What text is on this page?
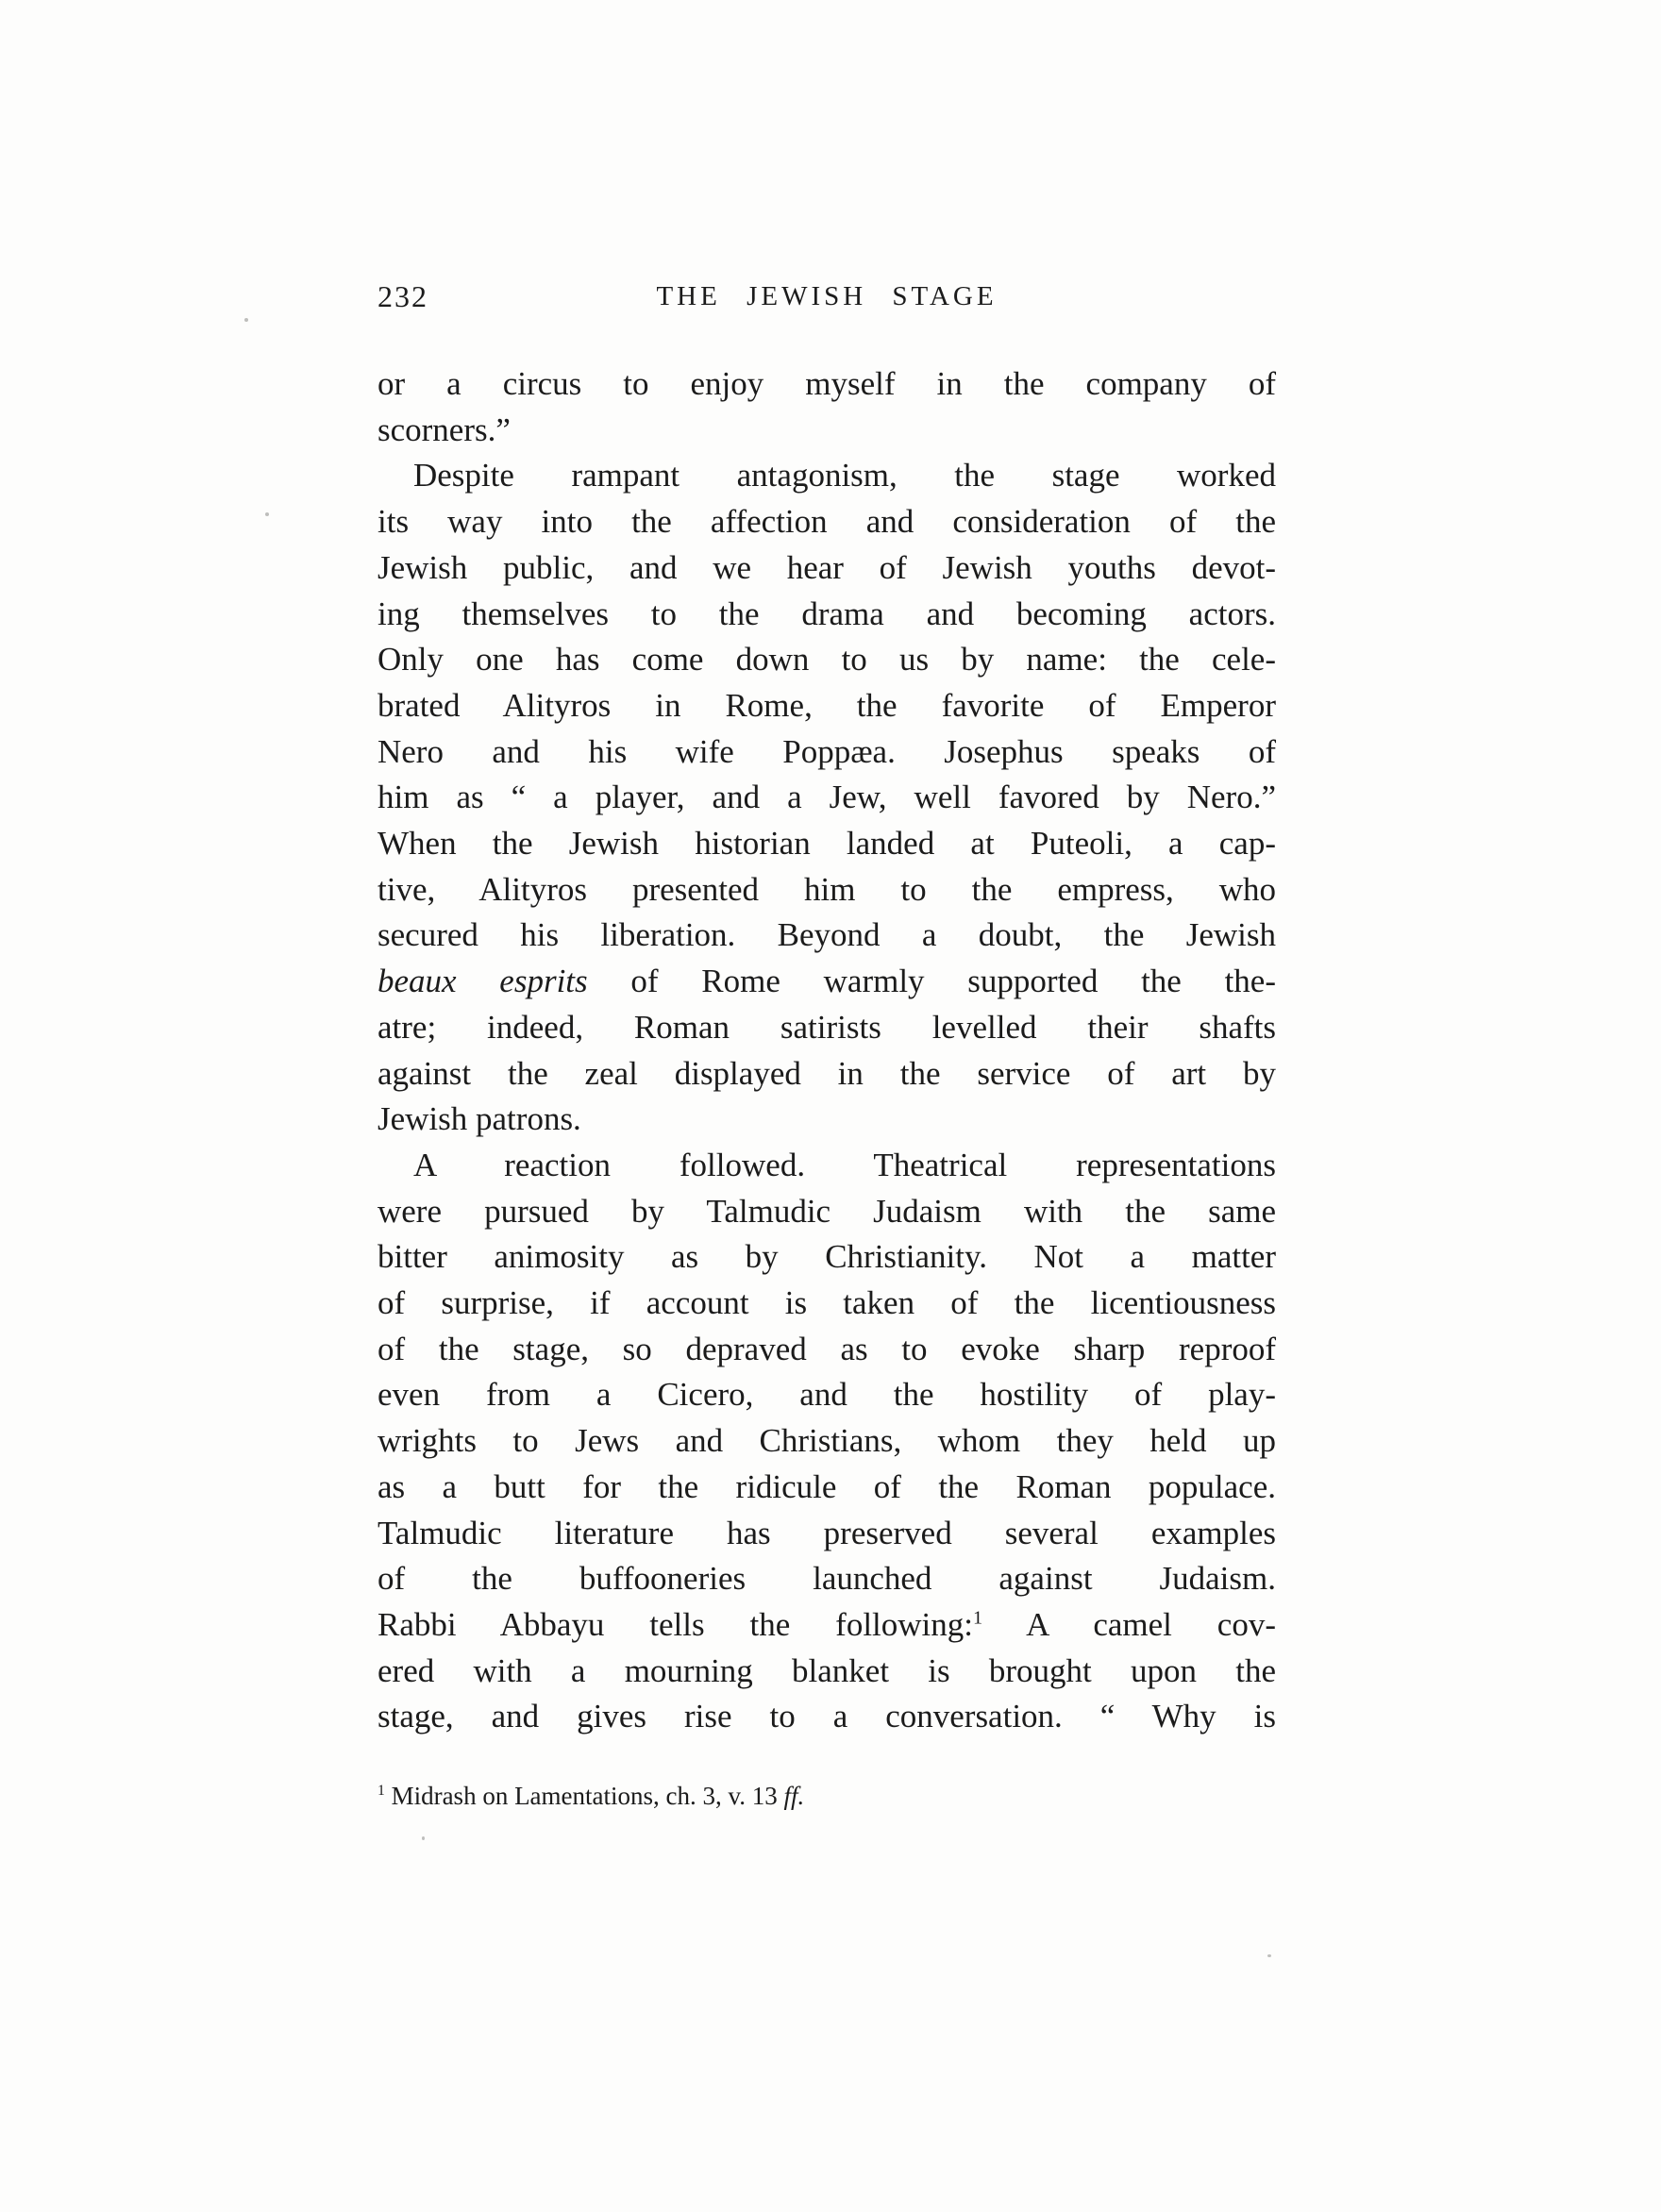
THE JEWISH STAGE
232
or a circus to enjoy myself in the company of
scorners.”
Despite rampant antagonism, the stage worked
its way into the affection and consideration of the
Jewish public, and we hear of Jewish youths devot-
ing themselves to the drama and becoming actors.
Only one has come down to us by name: the cele-
brated Alityros in Rome, the favorite of Emperor
Nero and his wife Poppæa. Josephus speaks of
him as “ a player, and a Jew, well favored by Nero.”
When the Jewish historian landed at Puteoli, a cap-
tive, Alityros presented him to the empress, who
secured his liberation. Beyond a doubt, the Jewish
beaux esprits of Rome warmly supported the the-
atre; indeed, Roman satirists levelled their shafts
against the zeal displayed in the service of art by
Jewish patrons.
A reaction followed. Theatrical representations
were pursued by Talmudic Judaism with the same
bitter animosity as by Christianity. Not a matter
of surprise, if account is taken of the licentiousness
of the stage, so depraved as to evoke sharp reproof
even from a Cicero, and the hostility of play-
wrights to Jews and Christians, whom they held up
as a butt for the ridicule of the Roman populace.
Talmudic literature has preserved several examples
of the buffooneries launched against Judaism.
Rabbi Abbayu tells the following:$^1$ A camel cov-
ered with a mourning blanket is brought upon the
stage, and gives rise to a conversation. “ Why is
$^1$ Midrash on Lamentations, ch. 3, v. 13 ff.
